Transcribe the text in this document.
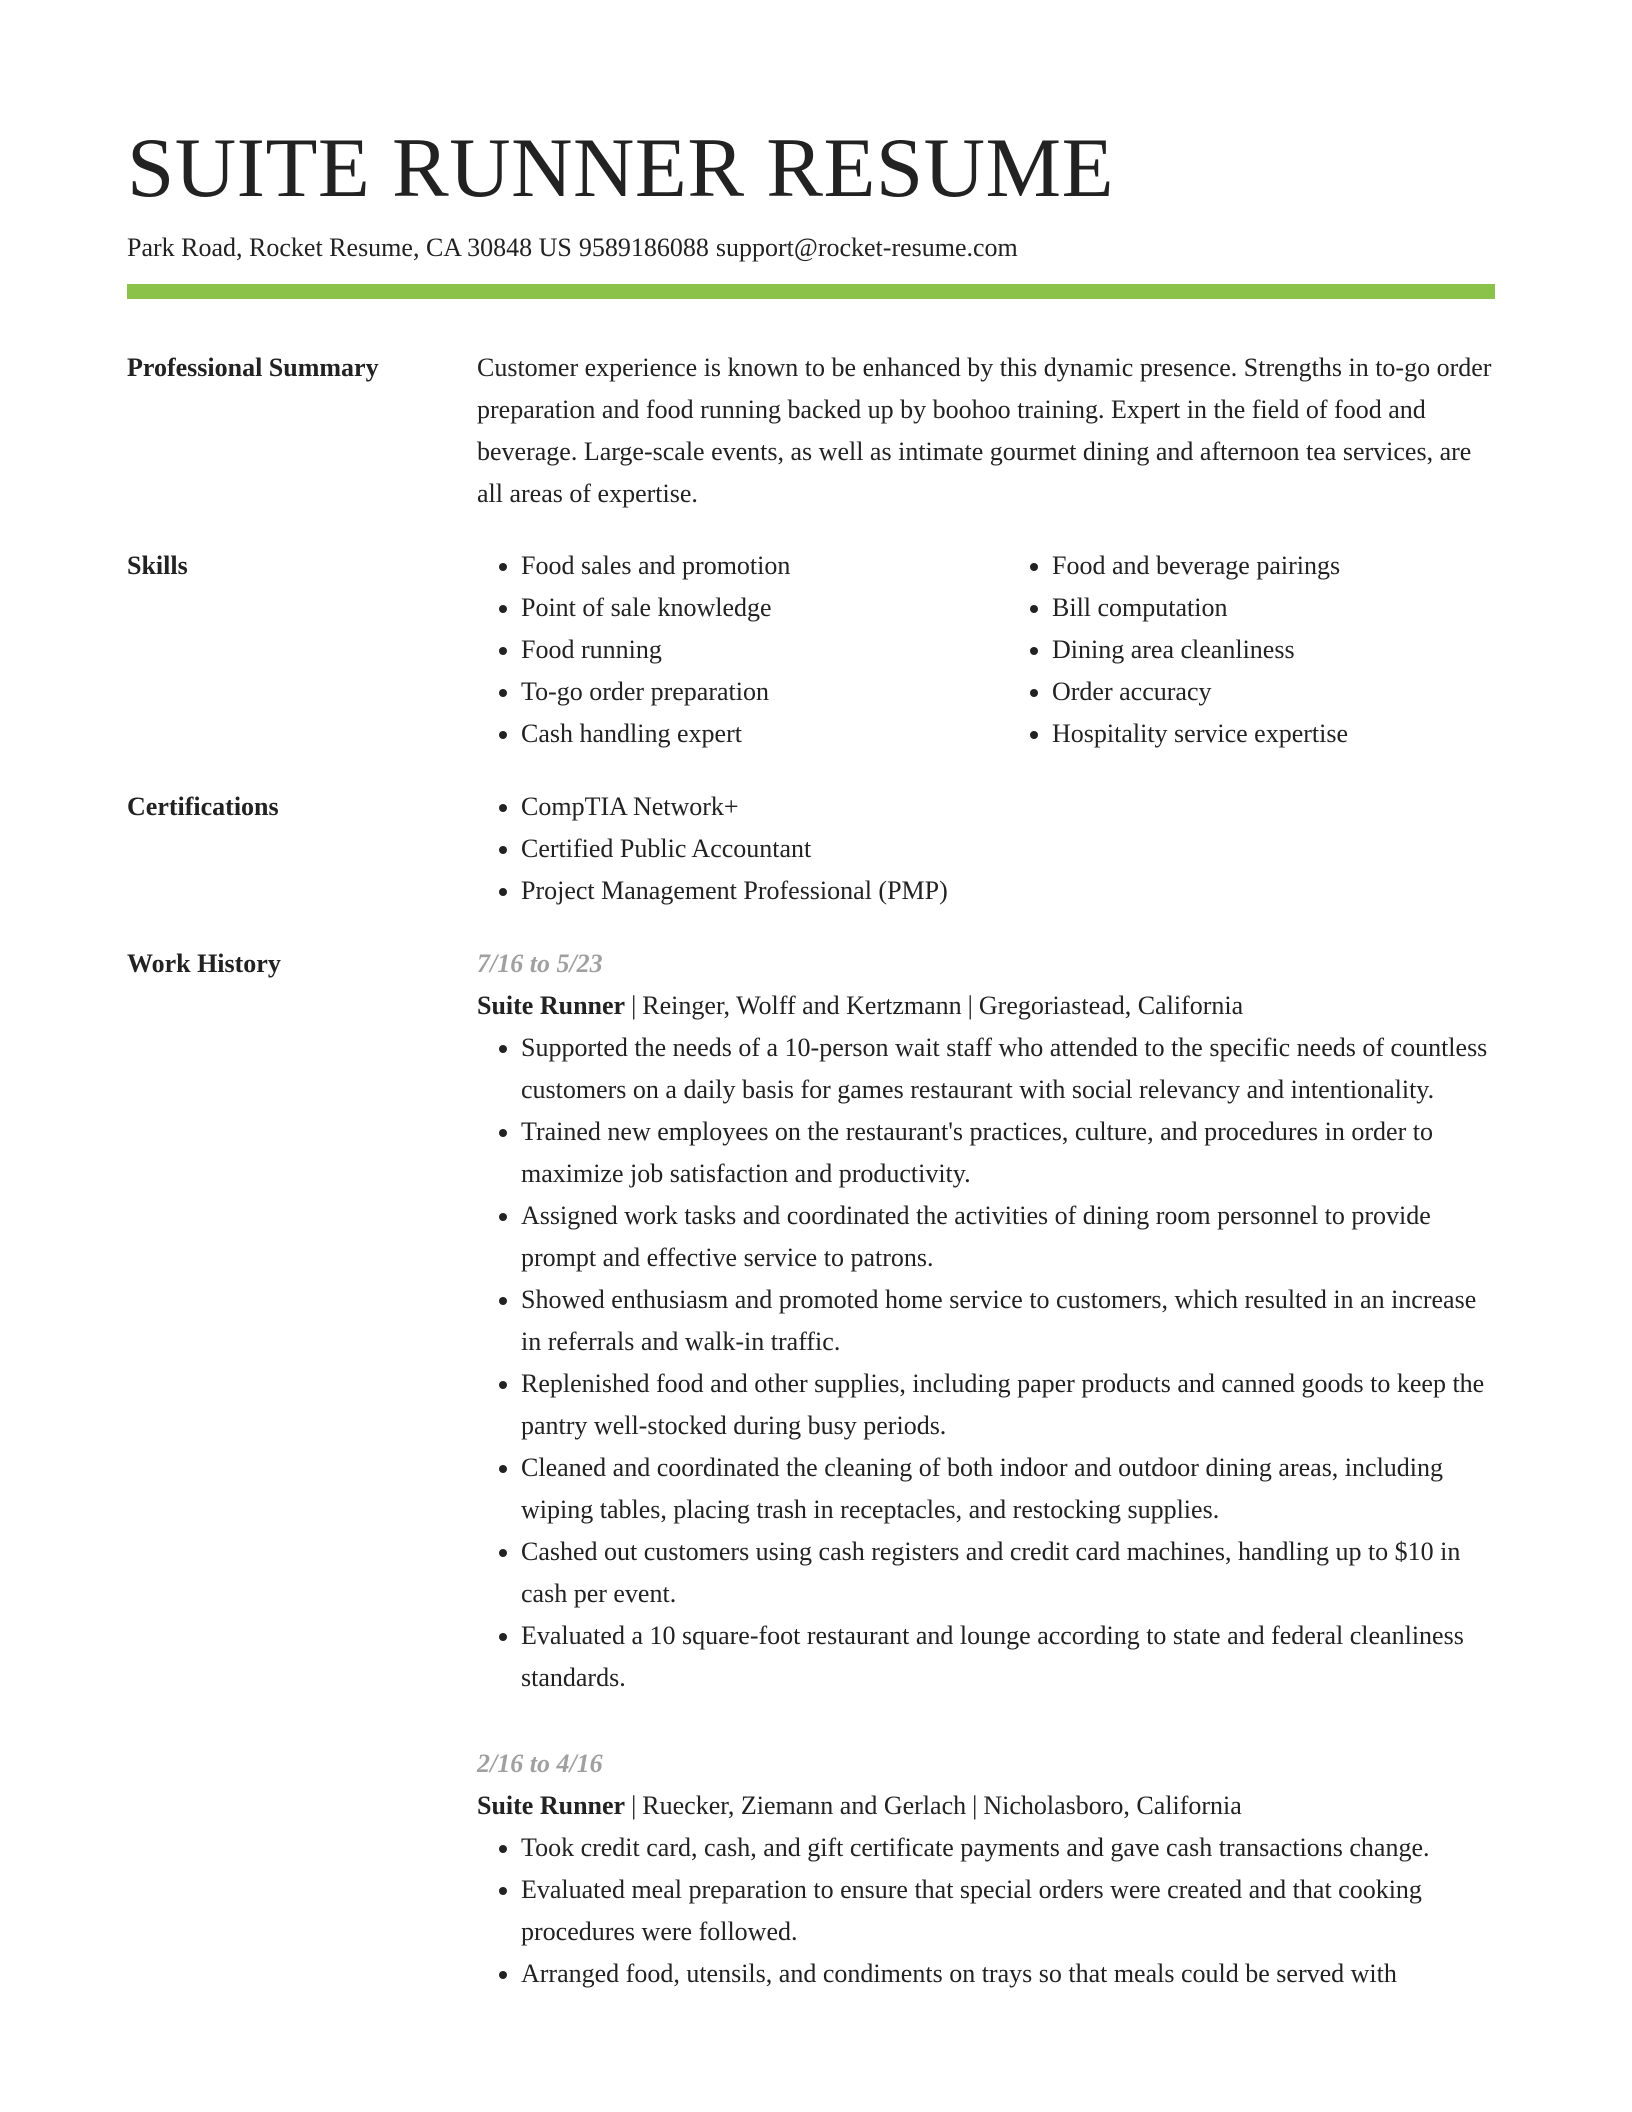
SUITE RUNNER RESUME
Park Road, Rocket Resume, CA 30848 US 9589186088 support@rocket-resume.com
Professional Summary	Customer experience is known to be enhanced by this dynamic presence. Strengths in to-go order preparation and food running backed up by boohoo training. Expert in the field of food and beverage. Large-scale events, as well as intimate gourmet dining and afternoon tea services, are all areas of expertise.

Skills	• Food sales and promotion
• Point of sale knowledge
• Food running
• To-go order preparation
• Cash handling expert
• Food and beverage pairings
• Bill computation
• Dining area cleanliness
• Order accuracy
• Hospitality service expertise
Certifications	• CompTIA Network+
• Certified Public Accountant
• Project Management Professional (PMP)
Work History	7/16 to 5/23
Suite Runner | Reinger, Wolff and Kertzmann | Gregoriastead, California
• Supported the needs of a 10-person wait staff who attended to the specific needs of countless customers on a daily basis for games restaurant with social relevancy and intentionality.
• Trained new employees on the restaurant's practices, culture, and procedures in order to maximize job satisfaction and productivity.
• Assigned work tasks and coordinated the activities of dining room personnel to provide prompt and effective service to patrons.
• Showed enthusiasm and promoted home service to customers, which resulted in an increase in referrals and walk-in traffic.
• Replenished food and other supplies, including paper products and canned goods to keep the pantry well-stocked during busy periods.
• Cleaned and coordinated the cleaning of both indoor and outdoor dining areas, including wiping tables, placing trash in receptacles, and restocking supplies.
• Cashed out customers using cash registers and credit card machines, handling up to $10 in cash per event.
• Evaluated a 10 square-foot restaurant and lounge according to state and federal cleanliness standards.
2/16 to 4/16
Suite Runner | Ruecker, Ziemann and Gerlach | Nicholasboro, California
• Took credit card, cash, and gift certificate payments and gave cash transactions change.
• Evaluated meal preparation to ensure that special orders were created and that cooking procedures were followed.
• Arranged food, utensils, and condiments on trays so that meals could be served with
